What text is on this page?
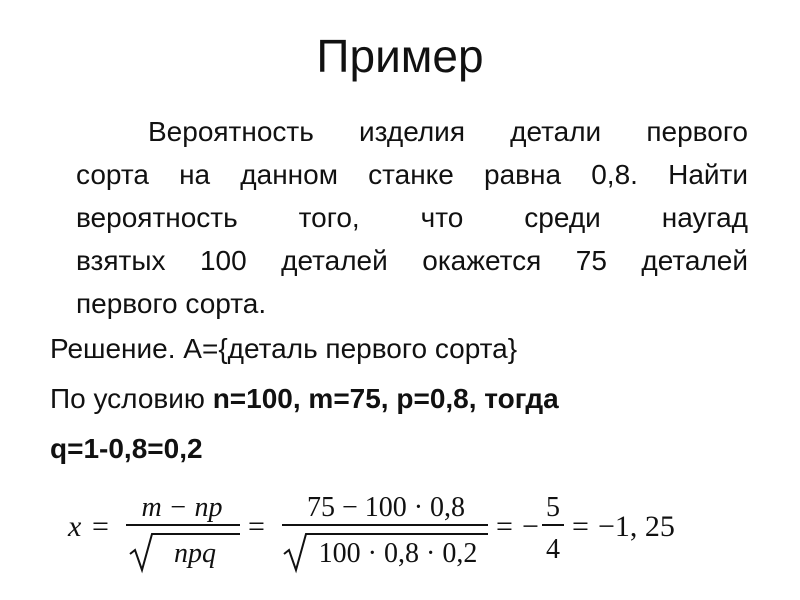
Пример
Вероятность изделия детали первого
сорта на данном станке равна 0,8. Найти
вероятность того, что среди наугад
взятых 100 деталей окажется 75 деталей
первого сорта.
Решение. А={деталь первого сорта}
По условию n=100, m=75, p=0,8, тогда
q=1-0,8=0,2
x =
m − np
npq
=
75 − 100 · 0,8
100 · 0,8 · 0,2
= −
5
4
= −1, 25
